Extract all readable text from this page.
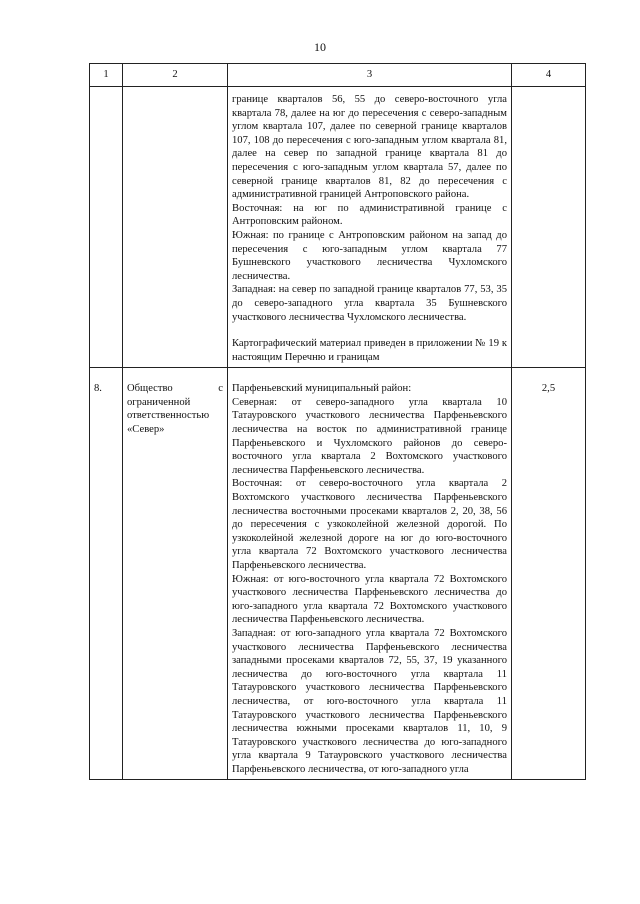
10
1	2	3	4

		границе кварталов 56, 55 до северо-восточного угла квартала 78, далее на юг до пересечения с северо-западным углом квартала 107, далее по северной границе кварталов 107, 108 до пересечения с юго-западным углом квартала 81, далее на север по западной границе квартала 81 до пересечения с юго-западным углом квартала 57, далее по северной границе кварталов 81, 82 до пересечения с административной границей Антроповского района.

Восточная: на юг по административной границе с Антроповским районом.

Южная: по границе с Антроповским районом на запад до пересечения с юго-западным углом квартала 77 Бушневского участкового лесничества Чухломского лесничества.

Западная: на север по западной границе кварталов 77, 53, 35 до северо-западного угла квартала 35 Бушневского участкового лесничества Чухломского лесничества.

Картографический материал приведен в приложении № 19 к настоящим Перечню и границам	

8.	Общество с ограниченной ответственностью «Север»	Парфеньевский муниципальный район:

Северная: от северо-западного угла квартала 10 Татауровского участкового лесничества Парфеньевского лесничества на восток по административной границе Парфеньевского и Чухломского районов до северо-восточного угла квартала 2 Вохтомского участкового лесничества Парфеньевского лесничества.

Восточная: от северо-восточного угла квартала 2 Вохтомского участкового лесничества Парфеньевского лесничества восточными просеками кварталов 2, 20, 38, 56 до пересечения с узкоколейной железной дорогой. По узкоколейной железной дороге на юг до юго-восточного угла квартала 72 Вохтомского участкового лесничества Парфеньевского лесничества.

Южная: от юго-восточного угла квартала 72 Вохтомского участкового лесничества Парфеньевского лесничества до юго-западного угла квартала 72 Вохтомского участкового лесничества Парфеньевского лесничества.

Западная: от юго-западного угла квартала 72 Вохтомского участкового лесничества Парфеньевского лесничества западными просеками кварталов 72, 55, 37, 19 указанного лесничества до юго-восточного угла квартала 11 Татауровского участкового лесничества Парфеньевского лесничества, от юго-восточного угла квартала 11 Татауровского участкового лесничества Парфеньевского лесничества южными просеками кварталов 11, 10, 9 Татауровского участкового лесничества до юго-западного угла квартала 9 Татауровского участкового лесничества Парфеньевского лесничества, от юго-западного угла	2,5
